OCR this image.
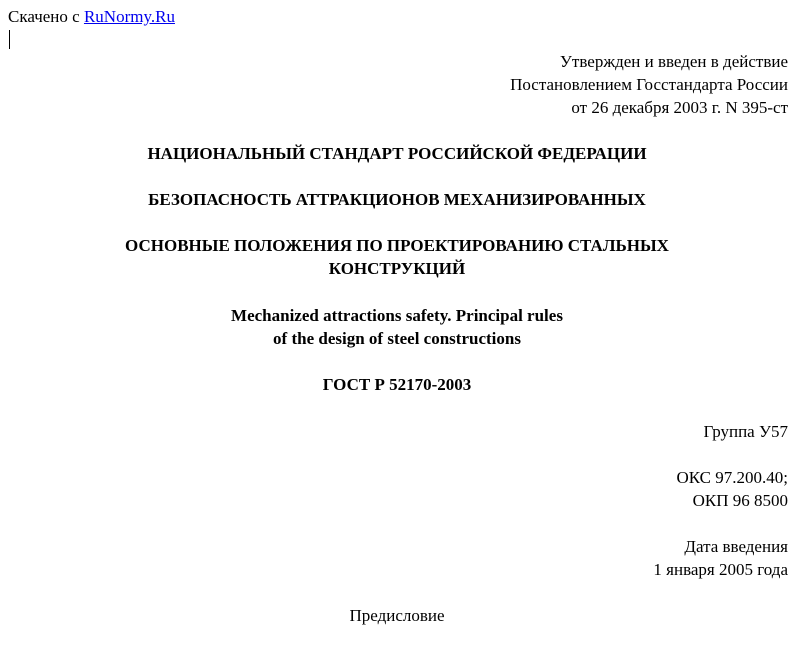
Скачено с RuNormy.Ru
Утвержден и введен в действие
Постановлением Госстандарта России
от 26 декабря 2003 г. N 395-ст
НАЦИОНАЛЬНЫЙ СТАНДАРТ РОССИЙСКОЙ ФЕДЕРАЦИИ
БЕЗОПАСНОСТЬ АТТРАКЦИОНОВ МЕХАНИЗИРОВАННЫХ
ОСНОВНЫЕ ПОЛОЖЕНИЯ ПО ПРОЕКТИРОВАНИЮ СТАЛЬНЫХ
КОНСТРУКЦИЙ
Mechanized attractions safety. Principal rules
of the design of steel constructions
ГОСТ Р 52170-2003
Группа У57
ОКС 97.200.40;
ОКП 96 8500
Дата введения
1 января 2005 года
Предисловие
